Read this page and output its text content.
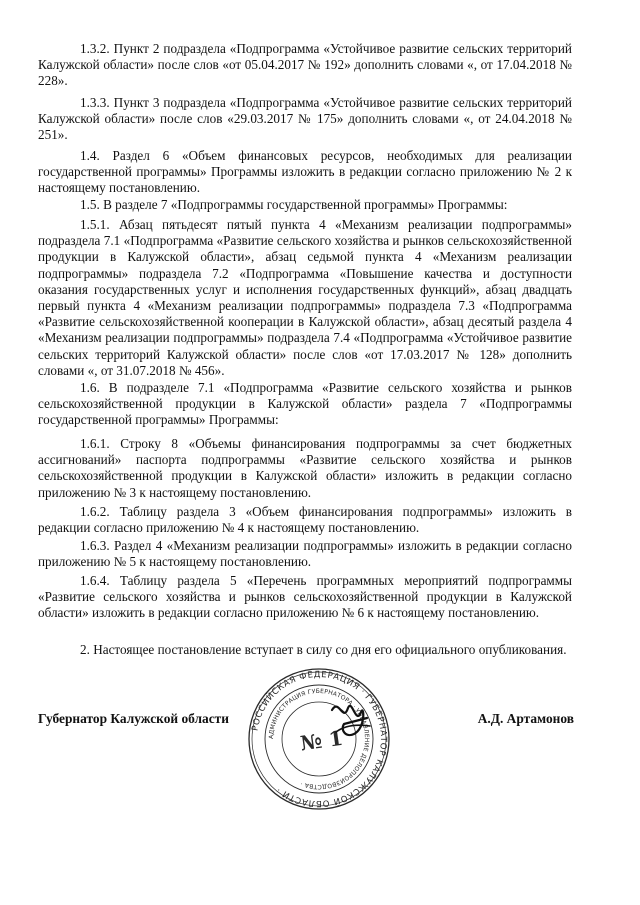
1.3.2. Пункт 2 подраздела «Подпрограмма «Устойчивое развитие сельских территорий Калужской области» после слов «от 05.04.2017 № 192» дополнить словами «, от 17.04.2018 № 228».

1.3.3. Пункт 3 подраздела «Подпрограмма «Устойчивое развитие сельских территорий Калужской области» после слов «29.03.2017 № 175» дополнить словами «, от 24.04.2018 № 251».

1.4. Раздел 6 «Объем финансовых ресурсов, необходимых для реализации государственной программы» Программы изложить в редакции согласно приложению № 2 к настоящему постановлению.

1.5. В разделе 7 «Подпрограммы государственной программы» Программы:

1.5.1. Абзац пятьдесят пятый пункта 4 «Механизм реализации подпрограммы» подраздела 7.1 «Подпрограмма «Развитие сельского хозяйства и рынков сельскохозяйственной продукции в Калужской области», абзац седьмой пункта 4 «Механизм реализации подпрограммы» подраздела 7.2 «Подпрограмма «Повышение качества и доступности оказания государственных услуг и исполнения государственных функций», абзац двадцать первый пункта 4 «Механизм реализации подпрограммы» подраздела 7.3 «Подпрограмма «Развитие сельскохозяйственной кооперации в Калужской области», абзац десятый раздела 4 «Механизм реализации подпрограммы» подраздела 7.4 «Подпрограмма «Устойчивое развитие сельских территорий Калужской области» после слов «от 17.03.2017 № 128» дополнить словами «, от 31.07.2018 № 456».

1.6. В подразделе 7.1 «Подпрограмма «Развитие сельского хозяйства и рынков сельскохозяйственной продукции в Калужской области» раздела 7 «Подпрограммы государственной программы» Программы:

1.6.1. Строку 8 «Объемы финансирования подпрограммы за счет бюджетных ассигнований» паспорта подпрограммы «Развитие сельского хозяйства и рынков сельскохозяйственной продукции в Калужской области» изложить в редакции согласно приложению № 3 к настоящему постановлению.

1.6.2. Таблицу раздела 3 «Объем финансирования подпрограммы» изложить в редакции согласно приложению № 4 к настоящему постановлению.

1.6.3. Раздел 4 «Механизм реализации подпрограммы» изложить в редакции согласно приложению № 5 к настоящему постановлению.

1.6.4. Таблицу раздела 5 «Перечень программных мероприятий подпрограммы «Развитие сельского хозяйства и рынков сельскохозяйственной продукции в Калужской области» изложить в редакции согласно приложению № 6 к настоящему постановлению.

2. Настоящее постановление вступает в силу со дня его официального опубликования.

Губернатор Калужской области	А.Д. Артамонов

РОССИЙСКАЯ ФЕДЕРАЦИЯ · ГУБЕРНАТОР КАЛУЖСКОЙ ОБЛАСТИ ·
АДМИНИСТРАЦИЯ ГУБЕРНАТОРА · УПРАВЛЕНИЕ ДЕЛОПРОИЗВОДСТВА ·
№ 1
